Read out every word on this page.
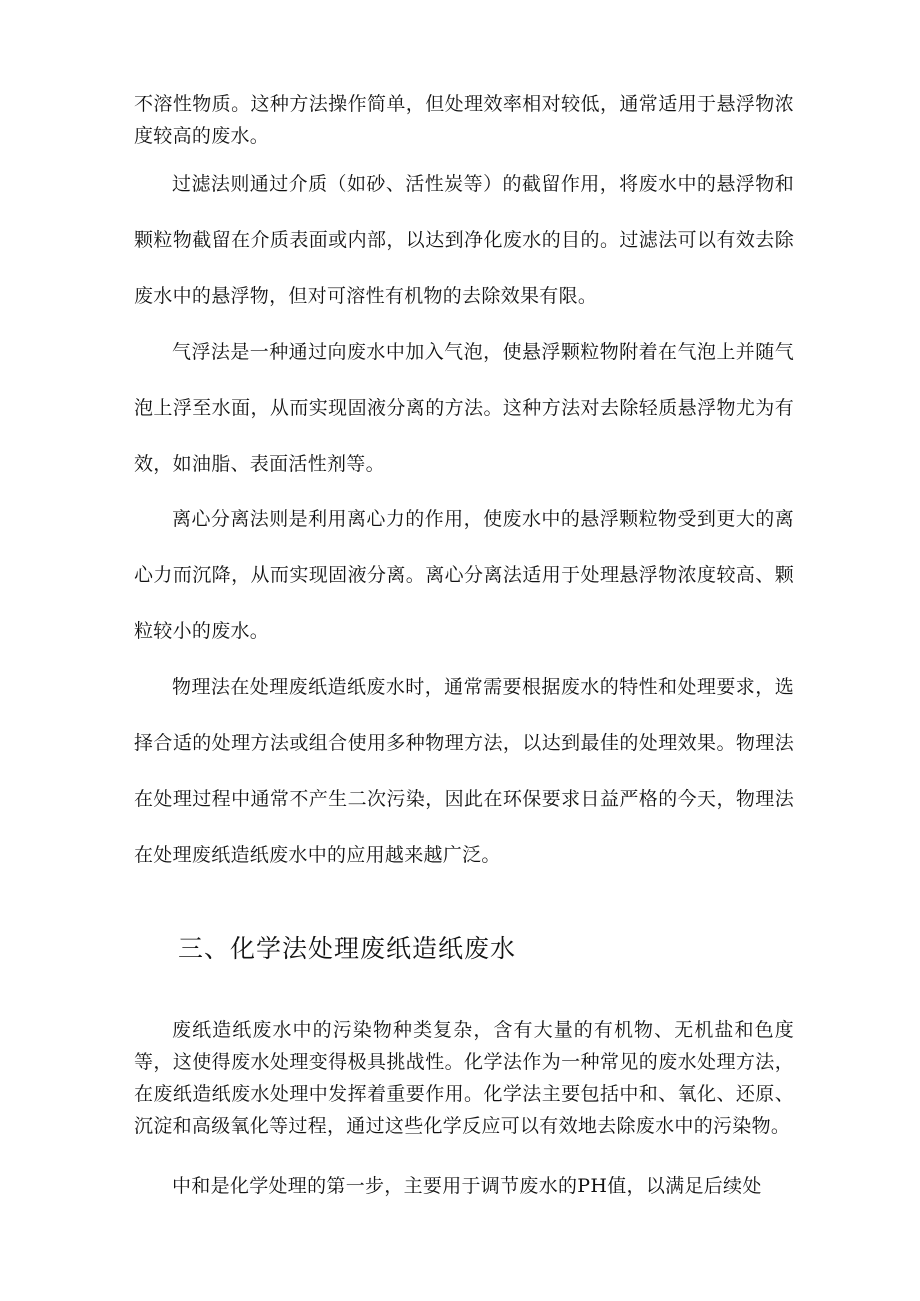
不溶性物质。这种方法操作简单，但处理效率相对较低，通常适用于悬浮物浓度较高的废水。

过滤法则通过介质（如砂、活性炭等）的截留作用，将废水中的悬浮物和颗粒物截留在介质表面或内部，以达到净化废水的目的。过滤法可以有效去除废水中的悬浮物，但对可溶性有机物的去除效果有限。

气浮法是一种通过向废水中加入气泡，使悬浮颗粒物附着在气泡上并随气泡上浮至水面，从而实现固液分离的方法。这种方法对去除轻质悬浮物尤为有效，如油脂、表面活性剂等。

离心分离法则是利用离心力的作用，使废水中的悬浮颗粒物受到更大的离心力而沉降，从而实现固液分离。离心分离法适用于处理悬浮物浓度较高、颗粒较小的废水。

物理法在处理废纸造纸废水时，通常需要根据废水的特性和处理要求，选择合适的处理方法或组合使用多种物理方法，以达到最佳的处理效果。物理法在处理过程中通常不产生二次污染，因此在环保要求日益严格的今天，物理法在处理废纸造纸废水中的应用越来越广泛。

三、化学法处理废纸造纸废水

废纸造纸废水中的污染物种类复杂，含有大量的有机物、无机盐和色度等，这使得废水处理变得极具挑战性。化学法作为一种常见的废水处理方法，在废纸造纸废水处理中发挥着重要作用。化学法主要包括中和、氧化、还原、沉淀和高级氧化等过程，通过这些化学反应可以有效地去除废水中的污染物。

中和是化学处理的第一步，主要用于调节废水的PH值，以满足后续处
